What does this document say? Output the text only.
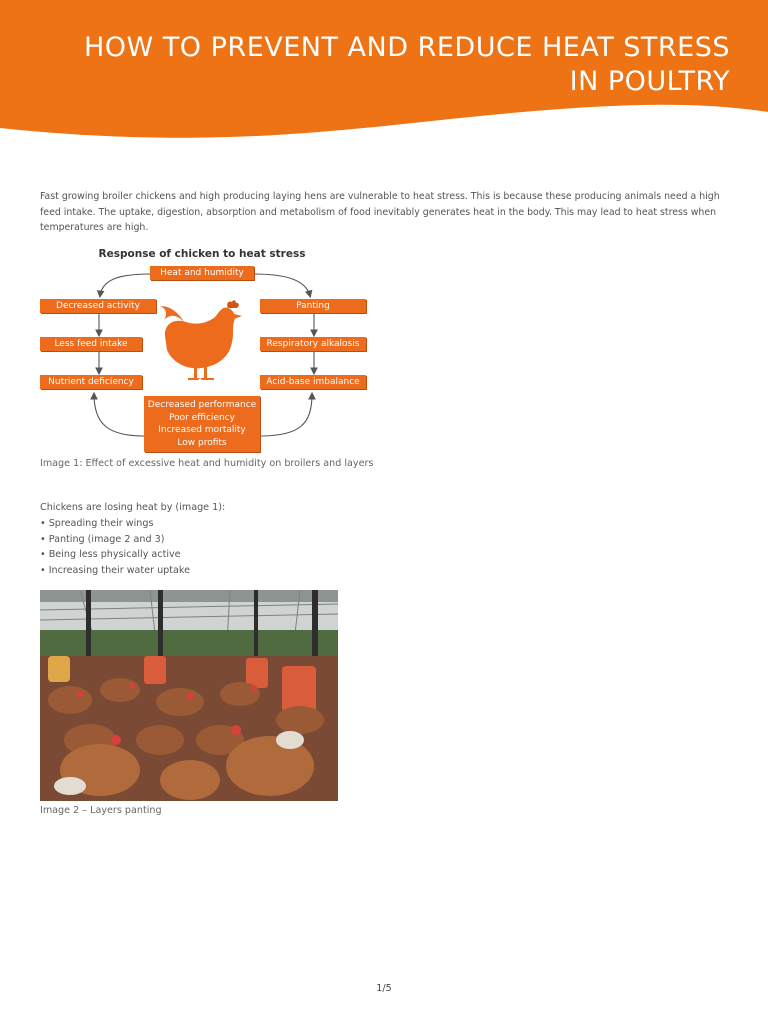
HOW TO PREVENT AND REDUCE HEAT STRESS
IN POULTRY
10-07-2020

Fast growing broiler chickens and high producing laying hens are vulnerable to heat stress. This is because these producing animals need a high feed intake. The uptake, digestion, absorption and metabolism of food inevitably generates heat in the body. This may lead to heat stress when temperatures are high.

Response of chicken to heat stress
Heat and humidity
Decreased activity
Less feed intake
Nutrient deficiency
Panting
Respiratory alkalosis
Acid-base imbalance
Decreased performance
Poor efficiency
Increased mortality
Low profits
Image 1: Effect of excessive heat and humidity on broilers and layers
Chickens are losing heat by (image 1):
• Spreading their wings
• Panting (image 2 and 3)
• Being less physically active
• Increasing their water uptake
Image 2 – Layers panting
1/5
